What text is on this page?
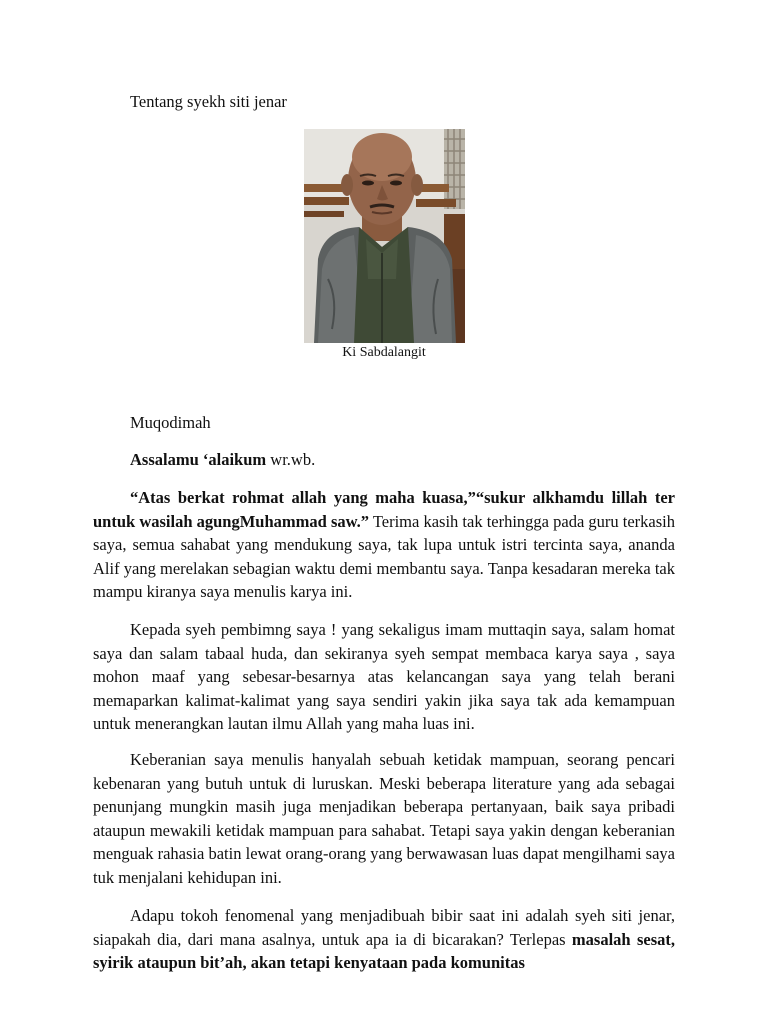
Tentang syekh siti jenar
Ki Sabdalangit
Muqodimah
Assalamu ‘alaikum wr.wb.

“Atas berkat rohmat allah yang maha kuasa,”“sukur alkhamdu lillah ter untuk wasilah agungMuhammad saw.” Terima kasih tak terhingga pada guru terkasih saya, semua sahabat yang mendukung saya, tak lupa untuk istri tercinta saya, ananda Alif yang merelakan sebagian waktu demi membantu saya. Tanpa kesadaran mereka tak mampu kiranya saya menulis karya ini.

Kepada syeh pembimng saya ! yang sekaligus imam muttaqin saya, salam homat saya dan salam tabaal huda, dan sekiranya syeh sempat membaca karya saya , saya mohon maaf yang sebesar-besarnya atas kelancangan saya yang telah berani memaparkan kalimat-kalimat yang saya sendiri yakin jika saya tak ada kemampuan untuk menerangkan lautan ilmu Allah yang maha luas ini.

Keberanian saya menulis hanyalah sebuah ketidak mampuan, seorang pencari kebenaran yang butuh untuk di luruskan. Meski beberapa literature yang ada sebagai penunjang mungkin masih juga menjadikan beberapa pertanyaan, baik saya pribadi ataupun mewakili ketidak mampuan para sahabat. Tetapi saya yakin dengan keberanian menguak rahasia batin lewat orang-orang yang berwawasan luas dapat mengilhami saya tuk menjalani kehidupan ini.

Adapu tokoh fenomenal yang menjadibuah bibir saat ini adalah syeh siti jenar, siapakah dia, dari mana asalnya, untuk apa ia di bicarakan? Terlepas masalah sesat, syirik ataupun bit’ah, akan tetapi kenyataan pada komunitas
